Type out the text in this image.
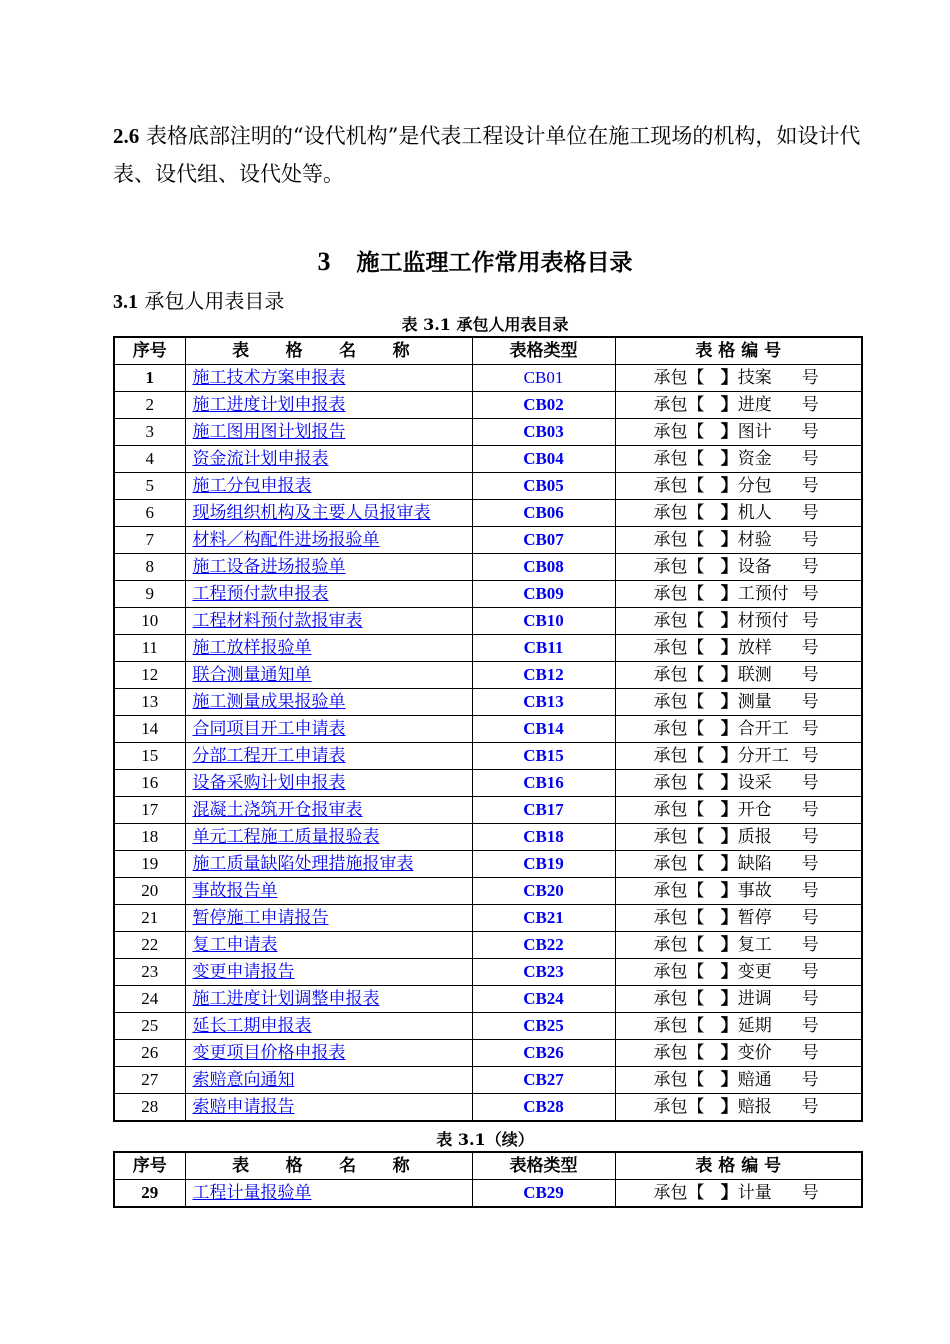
2.6 表格底部注明的“设代机构”是代表工程设计单位在施工现场的机构，如设计代表、设代组、设代处等。
3 施工监理工作常用表格目录
3.1 承包人用表目录
表 3.1 承包人用表目录
序号	表 格 名 称	表格类型	表 格 编 号
1	施工技术方案申报表	CB01	承包【 】技案 号
2	施工进度计划申报表	CB02	承包【 】进度 号
3	施工图用图计划报告	CB03	承包【 】图计 号
4	资金流计划申报表	CB04	承包【 】资金 号
5	施工分包申报表	CB05	承包【 】分包 号
6	现场组织机构及主要人员报审表	CB06	承包【 】机人 号
7	材料／构配件进场报验单	CB07	承包【 】材验 号
8	施工设备进场报验单	CB08	承包【 】设备 号
9	工程预付款申报表	CB09	承包【 】工预付 号
10	工程材料预付款报审表	CB10	承包【 】材预付 号
11	施工放样报验单	CB11	承包【 】放样 号
12	联合测量通知单	CB12	承包【 】联测 号
13	施工测量成果报验单	CB13	承包【 】测量 号
14	合同项目开工申请表	CB14	承包【 】合开工 号
15	分部工程开工申请表	CB15	承包【 】分开工 号
16	设备采购计划申报表	CB16	承包【 】设采 号
17	混凝土浇筑开仓报审表	CB17	承包【 】开仓 号
18	单元工程施工质量报验表	CB18	承包【 】质报 号
19	施工质量缺陷处理措施报审表	CB19	承包【 】缺陷 号
20	事故报告单	CB20	承包【 】事故 号
21	暂停施工申请报告	CB21	承包【 】暂停 号
22	复工申请表	CB22	承包【 】复工 号
23	变更申请报告	CB23	承包【 】变更 号
24	施工进度计划调整申报表	CB24	承包【 】进调 号
25	延长工期申报表	CB25	承包【 】延期 号
26	变更项目价格申报表	CB26	承包【 】变价 号
27	索赔意向通知	CB27	承包【 】赔通 号
28	索赔申请报告	CB28	承包【 】赔报 号
表 3.1（续）
序号	表 格 名 称	表格类型	表 格 编 号
29	工程计量报验单	CB29	承包【 】计量 号
